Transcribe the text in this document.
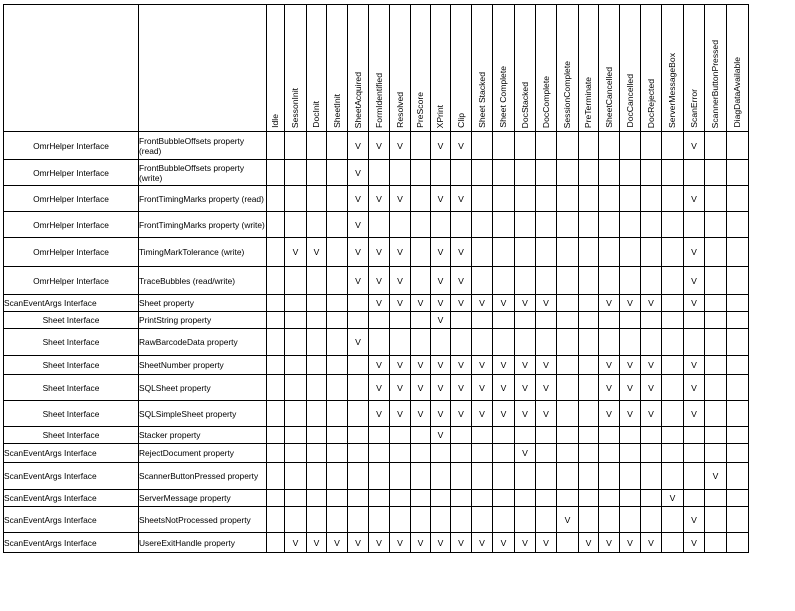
		Idle	SessonInit	DocInit	SheetInit	SheetAcquired	FormIdentified	Resolved	PreScore	XPrint	Clip	Sheet Stacked	Sheet Complete	DocStacked	DocComplete	SessionComplete	PreTerminate	SheetCancelled	DocCancelled	DocRejected	ServerMessageBox	ScanError	ScannerButtonPressed	DiagDataAvailable

OmrHelper Interface	FrontBubbleOffsets property (read)					V	V	V		V	V											V		
OmrHelper Interface	FrontBubbleOffsets property (write)					V																		
OmrHelper Interface	FrontTimingMarks property (read)					V	V	V		V	V											V		
OmrHelper Interface	FrontTimingMarks property (write)					V																		
OmrHelper Interface	TimingMarkTolerance (write)		V	V		V	V	V		V	V											V		
OmrHelper Interface	TraceBubbles (read/write)					V	V	V		V	V											V		
ScanEventArgs Interface	Sheet property						V	V	V	V	V	V	V	V	V			V	V	V		V		
Sheet Interface	PrintString property									V														
Sheet Interface	RawBarcodeData property					V																		
Sheet Interface	SheetNumber property						V	V	V	V	V	V	V	V	V			V	V	V		V		
Sheet Interface	SQLSheet property						V	V	V	V	V	V	V	V	V			V	V	V		V		
Sheet Interface	SQLSimpleSheet property						V	V	V	V	V	V	V	V	V			V	V	V		V		
Sheet Interface	Stacker property									V														
ScanEventArgs Interface	RejectDocument property													V										
ScanEventArgs Interface	ScannerButtonPressed property																						V	
ScanEventArgs Interface	ServerMessage property																				V			
ScanEventArgs Interface	SheetsNotProcessed property															V						V		
ScanEventArgs Interface	UsereExitHandle property		V	V	V	V	V	V	V	V	V	V	V	V	V		V	V	V	V		V		
